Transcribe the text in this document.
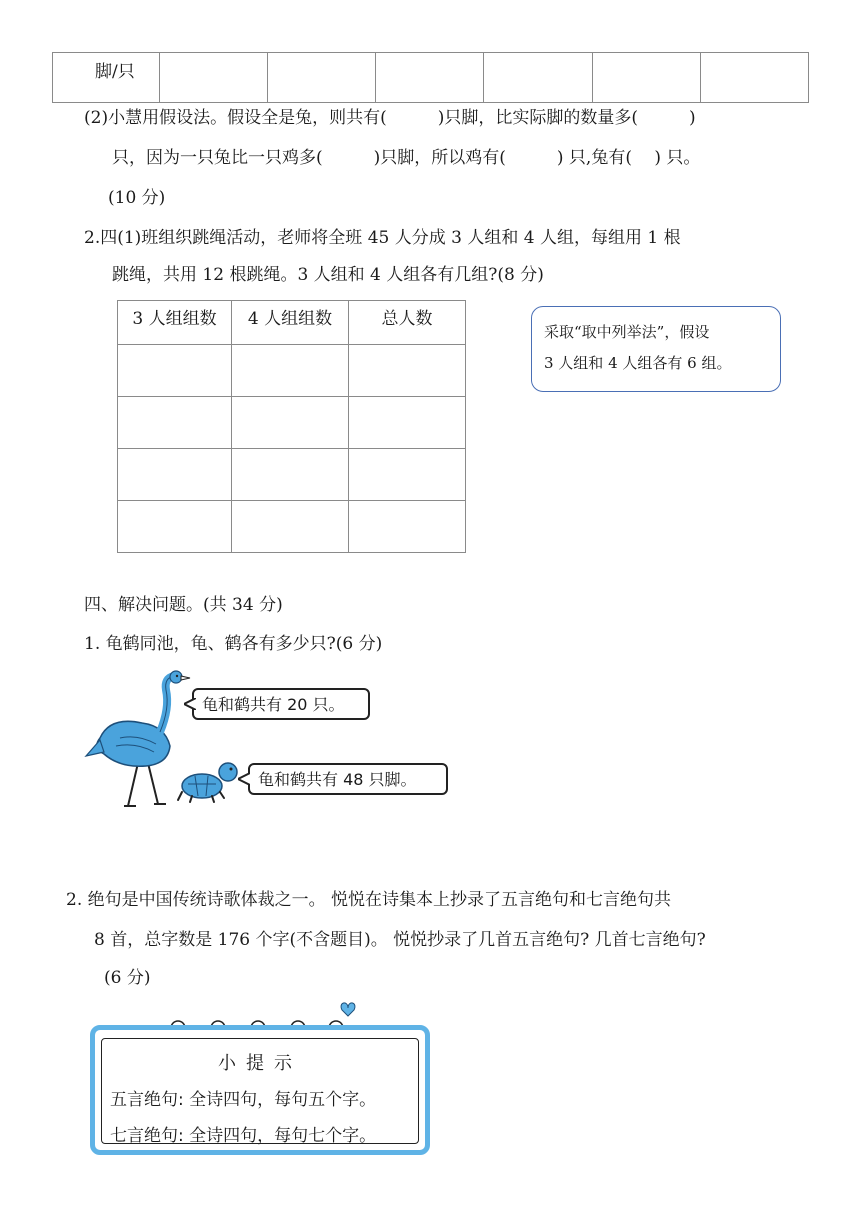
脚/只						
(2)小慧用假设法。假设全是兔，则共有(　　　)只脚，比实际脚的数量多(　　　)
只，因为一只兔比一只鸡多(　　　)只脚，所以鸡有(　　　) 只,兔有(　 ) 只。
(10 分)
2.四(1)班组织跳绳活动，老师将全班 45 人分成 3 人组和 4 人组，每组用 1 根
跳绳，共用 12 根跳绳。3 人组和 4 人组各有几组?(8 分)
3 人组组数	4 人组组数	总人数

采取“取中列举法”，假设
3 人组和 4 人组各有 6 组。
四、解决问题。(共 34 分)
1. 龟鹤同池，龟、鹤各有多少只?(6 分)
龟和鹤共有 20 只。
龟和鹤共有 48 只脚。
2. 绝句是中国传统诗歌体裁之一。 悦悦在诗集本上抄录了五言绝句和七言绝句共
8 首，总字数是 176 个字(不含题目)。 悦悦抄录了几首五言绝句? 几首七言绝句?
(6 分)
小提示
五言绝句: 全诗四句，每句五个字。
七言绝句: 全诗四句，每句七个字。
